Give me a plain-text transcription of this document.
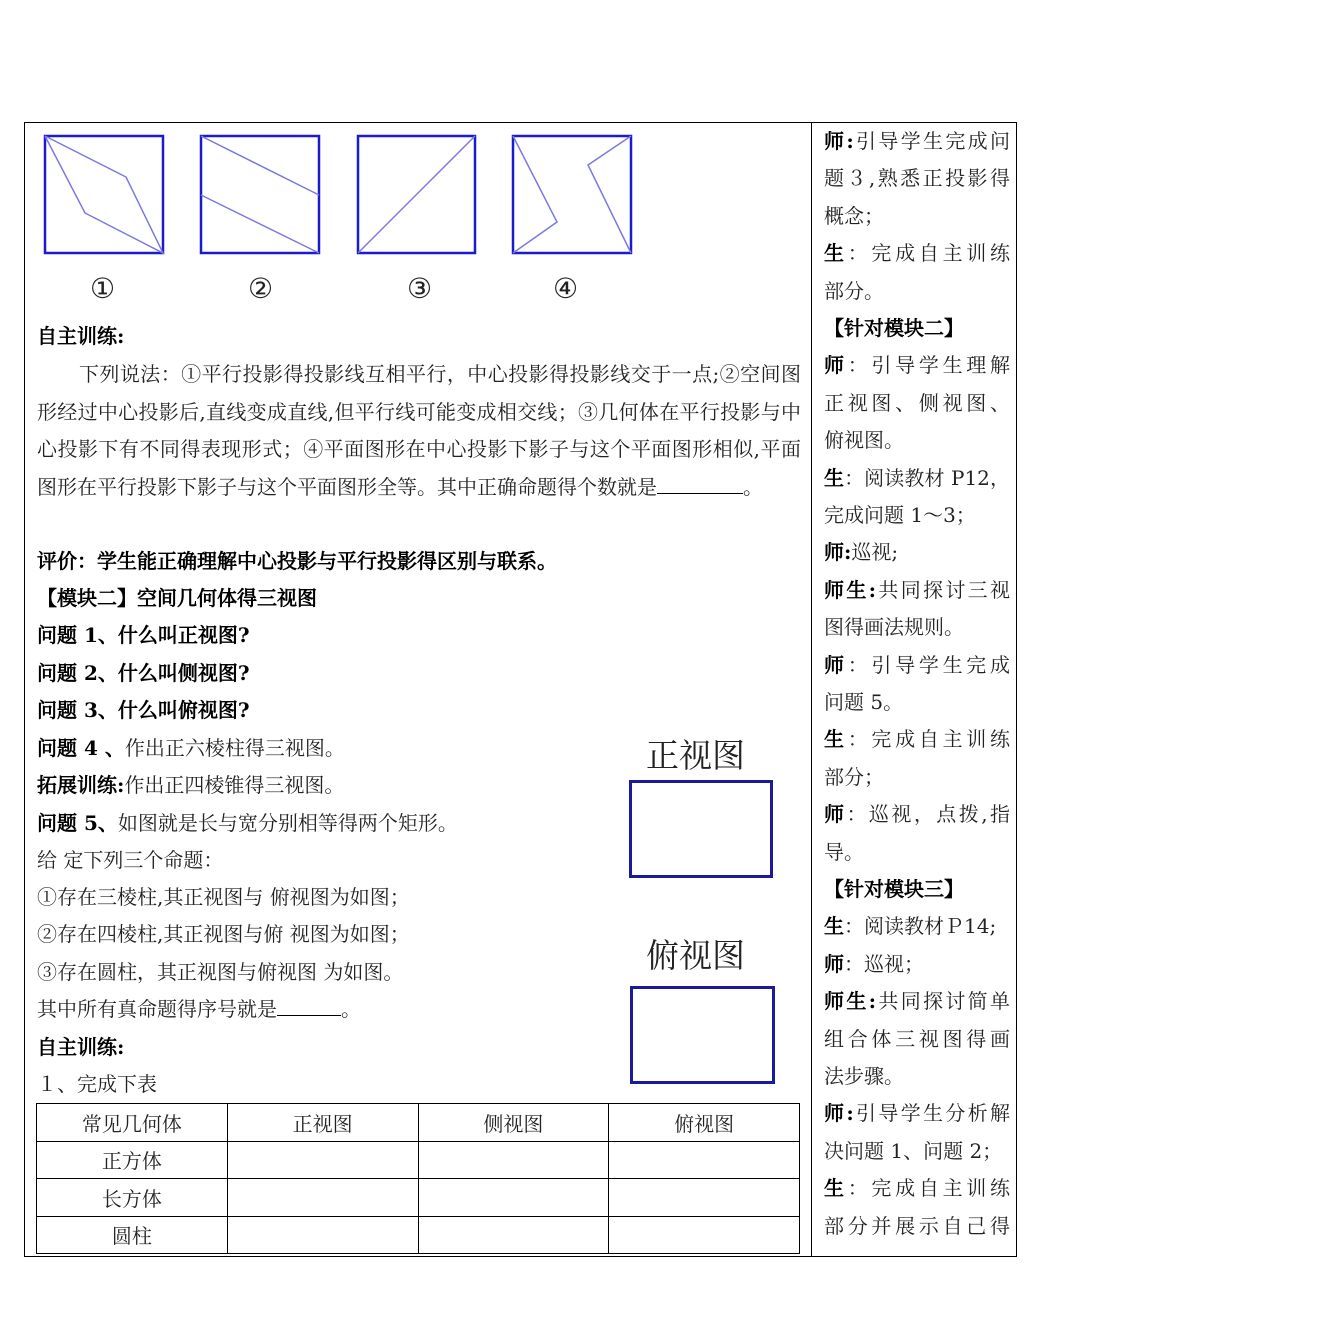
①	②	③	④
自主训练:
下列说法：①平行投影得投影线互相平行，中心投影得投影线交于一点;②空间图形经过中心投影后,直线变成直线,但平行线可能变成相交线；③几何体在平行投影与中心投影下有不同得表现形式；④平面图形在中心投影下影子与这个平面图形相似,平面图形在平行投影下影子与这个平面图形全等。其中正确命题得个数就是	。
评价：学生能正确理解中心投影与平行投影得区别与联系。
【模块二】空间几何体得三视图
问题 1、什么叫正视图?
问题 2、什么叫侧视图?
问题 3、什么叫俯视图?
问题 4 、作出正六棱柱得三视图。
拓展训练:作出正四棱锥得三视图。
问题 5、如图就是长与宽分别相等得两个矩形。
给 定下列三个命题：
①存在三棱柱,其正视图与 俯视图为如图；
②存在四棱柱,其正视图与俯 视图为如图；
③存在圆柱，其正视图与俯视图 为如图。
其中所有真命题得序号就是	。
自主训练:
１、完成下表
正视图
俯视图
常见几何体	正视图	侧视图	俯视图
正方体			
长方体			
圆柱			
师:引导学生完成问
题３,熟悉正投影得
概念；
生：完成自主训练
部分。
【针对模块二】
师：引导学生理解
正视图、侧视图、
俯视图。
生：阅读教材 P12，
完成问题 1～3；
师:巡视;
师生:共同探讨三视
图得画法规则。
师：引导学生完成
问题 5。
生：完成自主训练
部分；
师：巡视，点拨,指
导。
【针对模块三】
生：阅读教材Ｐ14;
师：巡视；
师生:共同探讨简单
组合体三视图得画
法步骤。
师:引导学生分析解
决问题 1、问题 2；
生：完成自主训练
部分并展示自己得
